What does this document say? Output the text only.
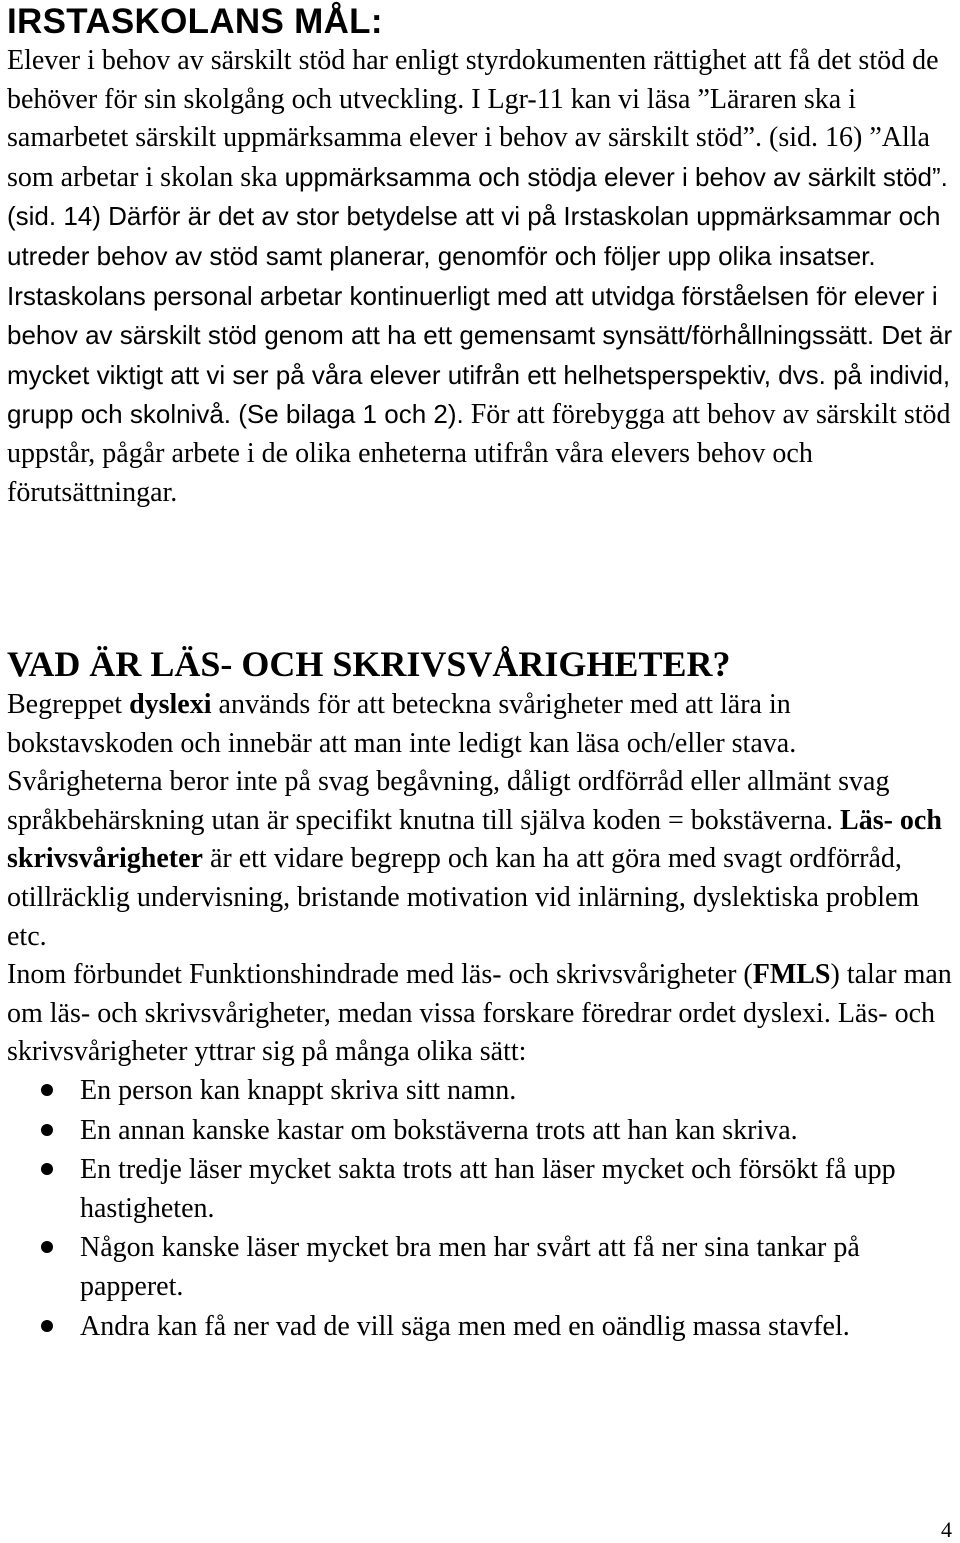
IRSTASKOLANS MÅL:

Elever i behov av särskilt stöd har enligt styrdokumenten rättighet att få det stöd de behöver för sin skolgång och utveckling. I Lgr-11 kan vi läsa ”Läraren ska i samarbetet särskilt uppmärksamma elever i behov av särskilt stöd”. (sid. 16) ”Alla som arbetar i skolan ska uppmärksamma och stödja elever i behov av särkilt stöd”. (sid. 14) Därför är det av stor betydelse att vi på Irstaskolan uppmärksammar och utreder behov av stöd samt planerar, genomför och följer upp olika insatser. Irstaskolans personal arbetar kontinuerligt med att utvidga förståelsen för elever i behov av särskilt stöd genom att ha ett gemensamt synsätt/förhållningssätt. Det är mycket viktigt att vi ser på våra elever utifrån ett helhetsperspektiv, dvs. på individ, grupp och skolnivå. (Se bilaga 1 och 2). För att förebygga att behov av särskilt stöd uppstår, pågår arbete i de olika enheterna utifrån våra elevers behov och förutsättningar.

VAD ÄR LÄS- OCH SKRIVSVÅRIGHETER?

Begreppet dyslexi används för att beteckna svårigheter med att lära in bokstavskoden och innebär att man inte ledigt kan läsa och/eller stava. Svårigheterna beror inte på svag begåvning, dåligt ordförråd eller allmänt svag språkbehärskning utan är specifikt knutna till själva koden = bokstäverna. Läs- och skrivsvårigheter är ett vidare begrepp och kan ha att göra med svagt ordförråd, otillräcklig undervisning, bristande motivation vid inlärning, dyslektiska problem etc.

Inom förbundet Funktionshindrade med läs- och skrivsvårigheter (FMLS) talar man om läs- och skrivsvårigheter, medan vissa forskare föredrar ordet dyslexi. Läs- och skrivsvårigheter yttrar sig på många olika sätt:

En person kan knappt skriva sitt namn.
En annan kanske kastar om bokstäverna trots att han kan skriva.
En tredje läser mycket sakta trots att han läser mycket och försökt få upp hastigheten.
Någon kanske läser mycket bra men har svårt att få ner sina tankar på papperet.
Andra kan få ner vad de vill säga men med en oändlig massa stavfel.
4
